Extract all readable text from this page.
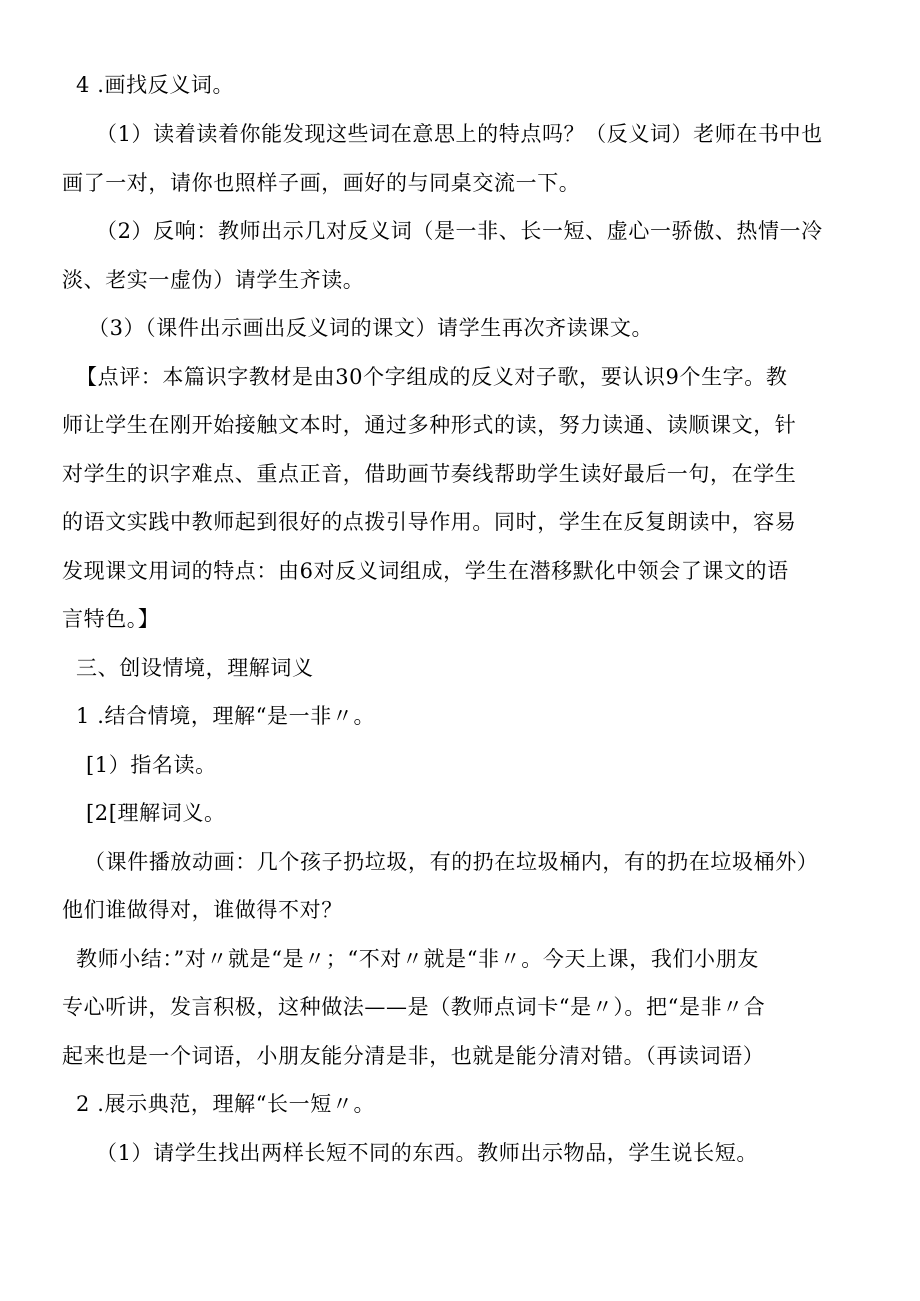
4 .画找反义词。
（1）读着读着你能发现这些词在意思上的特点吗？（反义词）老师在书中也
画了一对，请你也照样子画，画好的与同桌交流一下。
（2）反响：教师出示几对反义词（是一非、长一短、虚心一骄傲、热情一冷
淡、老实一虚伪）请学生齐读。
（3）（课件出示画出反义词的课文）请学生再次齐读课文。
【点评：本篇识字教材是由30个字组成的反义对子歌，要认识9个生字。教
师让学生在刚开始接触文本时，通过多种形式的读，努力读通、读顺课文，针
对学生的识字难点、重点正音，借助画节奏线帮助学生读好最后一句，在学生
的语文实践中教师起到很好的点拨引导作用。同时，学生在反复朗读中，容易
发现课文用词的特点：由6对反义词组成，学生在潜移默化中领会了课文的语
言特色。】
三、创设情境，理解词义
1 .结合情境，理解“是一非〃。
[1）指名读。
[2[理解词义。
（课件播放动画：几个孩子扔垃圾，有的扔在垃圾桶内，有的扔在垃圾桶外）
他们谁做得对，谁做得不对？
教师小结：”对〃就是“是〃；“不对〃就是“非〃。今天上课，我们小朋友
专心听讲，发言积极，这种做法——是（教师点词卡“是〃）。把“是非〃合
起来也是一个词语，小朋友能分清是非，也就是能分清对错。（再读词语）
2 .展示典范，理解“长一短〃。
（1）请学生找出两样长短不同的东西。教师出示物品，学生说长短。
